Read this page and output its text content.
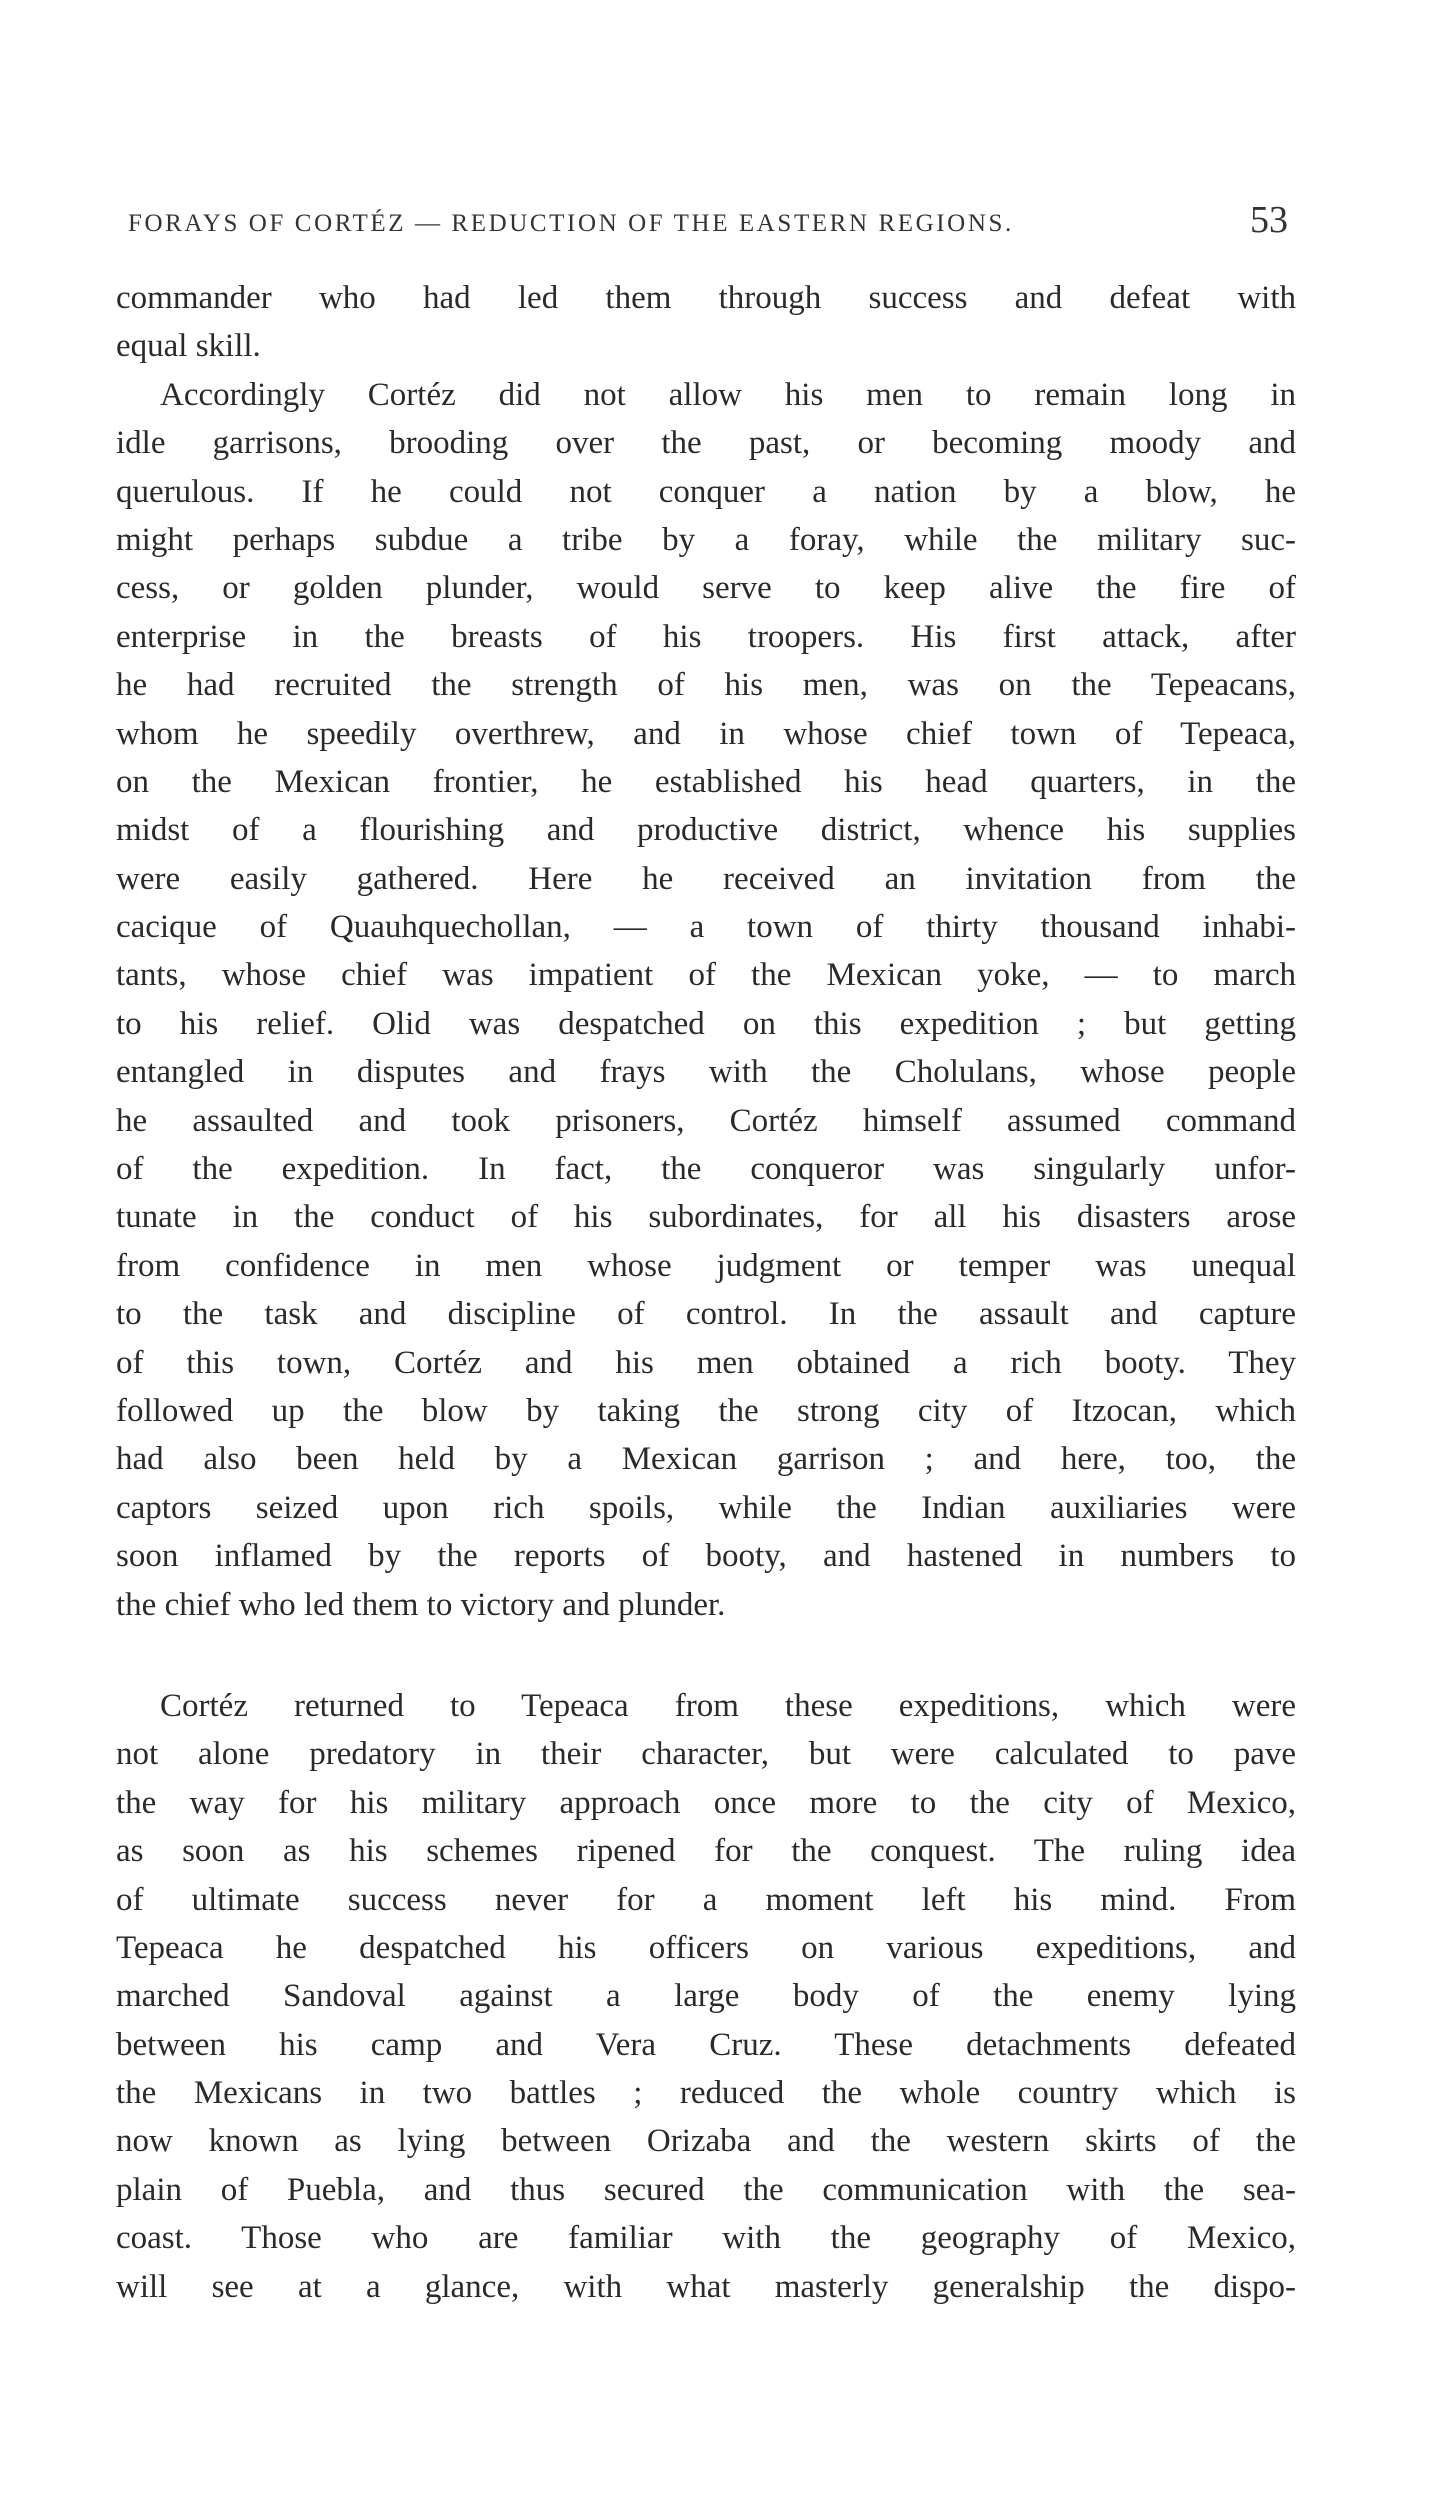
FORAYS OF CORTÉZ — REDUCTION OF THE EASTERN REGIONS.	53
commander who had led them through success and defeat with
equal skill.
Accordingly Cortéz did not allow his men to remain long in
idle garrisons, brooding over the past, or becoming moody and
querulous. If he could not conquer a nation by a blow, he
might perhaps subdue a tribe by a foray, while the military suc-
cess, or golden plunder, would serve to keep alive the fire of
enterprise in the breasts of his troopers. His first attack, after
he had recruited the strength of his men, was on the Tepeacans,
whom he speedily overthrew, and in whose chief town of Tepeaca,
on the Mexican frontier, he established his head quarters, in the
midst of a flourishing and productive district, whence his supplies
were easily gathered. Here he received an invitation from the
cacique of Quauhquechollan, — a town of thirty thousand inhabi-
tants, whose chief was impatient of the Mexican yoke, — to march
to his relief. Olid was despatched on this expedition ; but getting
entangled in disputes and frays with the Cholulans, whose people
he assaulted and took prisoners, Cortéz himself assumed command
of the expedition. In fact, the conqueror was singularly unfor-
tunate in the conduct of his subordinates, for all his disasters arose
from confidence in men whose judgment or temper was unequal
to the task and discipline of control. In the assault and capture
of this town, Cortéz and his men obtained a rich booty. They
followed up the blow by taking the strong city of Itzocan, which
had also been held by a Mexican garrison ; and here, too, the
captors seized upon rich spoils, while the Indian auxiliaries were
soon inflamed by the reports of booty, and hastened in numbers to
the chief who led them to victory and plunder.
Cortéz returned to Tepeaca from these expeditions, which were
not alone predatory in their character, but were calculated to pave
the way for his military approach once more to the city of Mexico,
as soon as his schemes ripened for the conquest. The ruling idea
of ultimate success never for a moment left his mind. From
Tepeaca he despatched his officers on various expeditions, and
marched Sandoval against a large body of the enemy lying
between his camp and Vera Cruz. These detachments defeated
the Mexicans in two battles ; reduced the whole country which is
now known as lying between Orizaba and the western skirts of the
plain of Puebla, and thus secured the communication with the sea-
coast. Those who are familiar with the geography of Mexico,
will see at a glance, with what masterly generalship the dispo-
